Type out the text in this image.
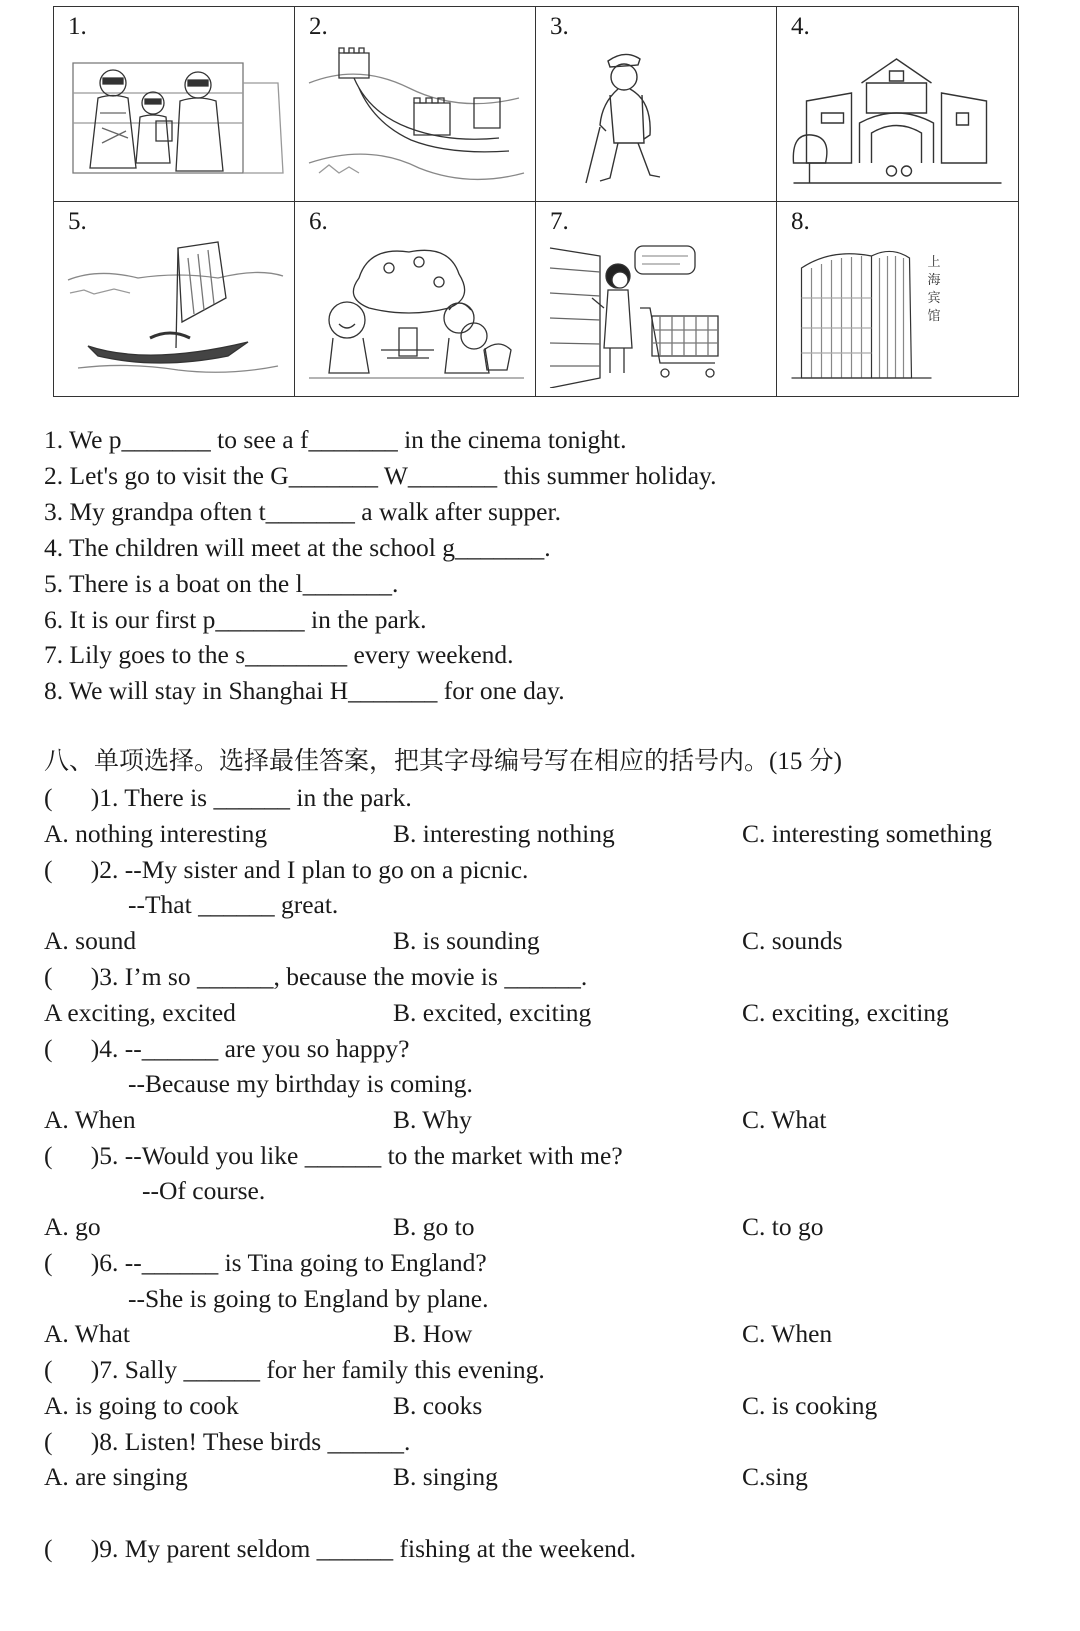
1.	2.	3.	4.
5.	6.	7.	8.
上
海
宾
馆
1. We p_______ to see a f_______ in the cinema tonight.
2. Let's go to visit the G_______ W_______ this summer holiday.
3. My grandpa often t_______ a walk after supper.
4. The children will meet at the school g_______.
5. There is a boat on the l_______.
6. It is our first p_______ in the park.
7. Lily goes to the s________ every weekend.
8. We will stay in Shanghai H_______ for one day.
八、单项选择。选择最佳答案，把其字母编号写在相应的括号内。(15 分)
(      )1. There is ______ in the park.
A. nothing interesting	B. interesting nothing	C. interesting something
(      )2. --My sister and I plan to go on a picnic.
--That ______ great.
A. sound	B. is sounding	C. sounds
(      )3. I’m so ______, because the movie is ______.
A exciting, excited	B. excited, exciting	C. exciting, exciting
(      )4. --______ are you so happy?
--Because my birthday is coming.
A. When	B. Why	C. What
(      )5. --Would you like ______ to the market with me?
--Of course.
A. go	B. go to	C. to go
(      )6. --______ is Tina going to England?
--She is going to England by plane.
A. What	B. How	C. When
(      )7. Sally ______ for her family this evening.
A. is going to cook	B. cooks	C. is cooking
(      )8. Listen! These birds ______.
A. are singing	B. singing	C.sing
(      )9. My parent seldom ______ fishing at the weekend.
